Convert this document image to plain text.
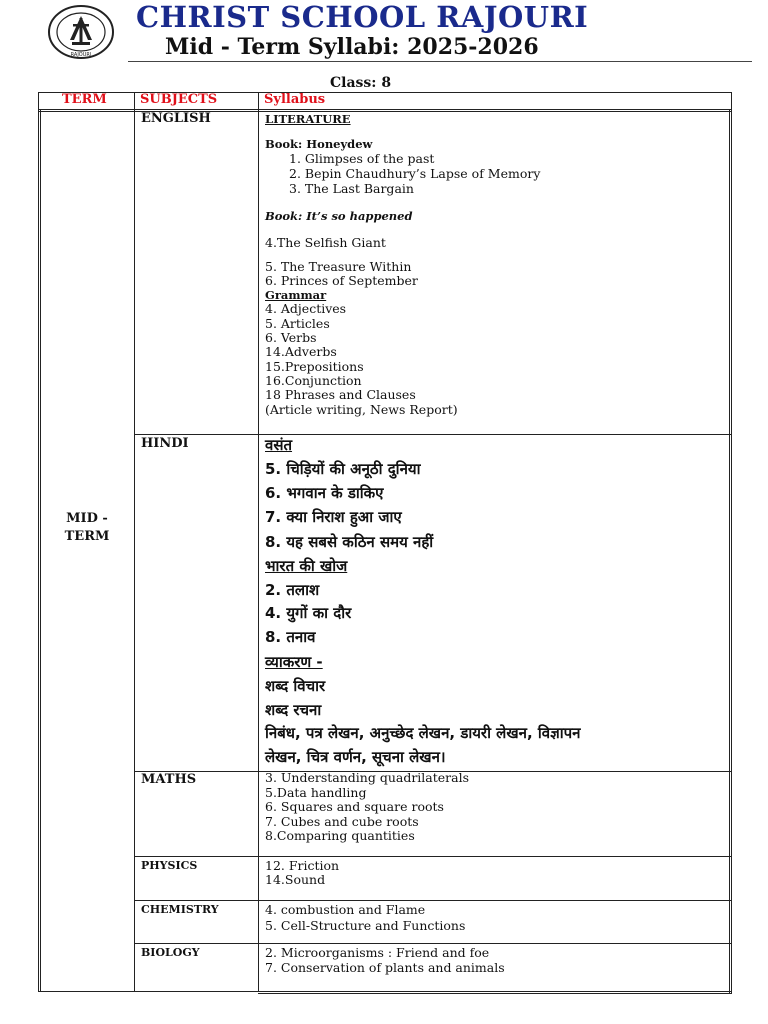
RAJOURI
CHRIST SCHOOL RAJOURI
Mid - Term Syllabi: 2025-2026
Class: 8
TERM	SUBJECTS	Syllabus
MID -
TERM
ENGLISH	LITERATURE
Book: Honeydew
1. Glimpses of the past
2. Bepin Chaudhury’s Lapse of Memory
3. The Last Bargain
Book: It’s so happened
4.The Selfish Giant
5. The Treasure Within
6. Princes of September
Grammar
4. Adjectives
5. Articles
6. Verbs
14.Adverbs
15.Prepositions
16.Conjunction
18 Phrases and Clauses
(Article writing, News Report)
HINDI	वसंत
5. चिड़ियों की अनूठी दुनिया
6. भगवान के डाकिए
7. क्या निराश हुआ जाए
8. यह सबसे कठिन समय नहीं
भारत की खोज
2. तलाश
4. युगों का दौर
8. तनाव
व्याकरण -
शब्द विचार
शब्द रचना
निबंध, पत्र लेखन, अनुच्छेद लेखन, डायरी लेखन, विज्ञापन
लेखन, चित्र वर्णन, सूचना लेखन।
MATHS	3. Understanding quadrilaterals
5.Data handling
6. Squares and square roots
7. Cubes and cube roots
8.Comparing quantities
PHYSICS	12. Friction
14.Sound
CHEMISTRY	4. combustion and Flame
5. Cell-Structure and Functions
BIOLOGY	2. Microorganisms : Friend and foe
7. Conservation of plants and animals
